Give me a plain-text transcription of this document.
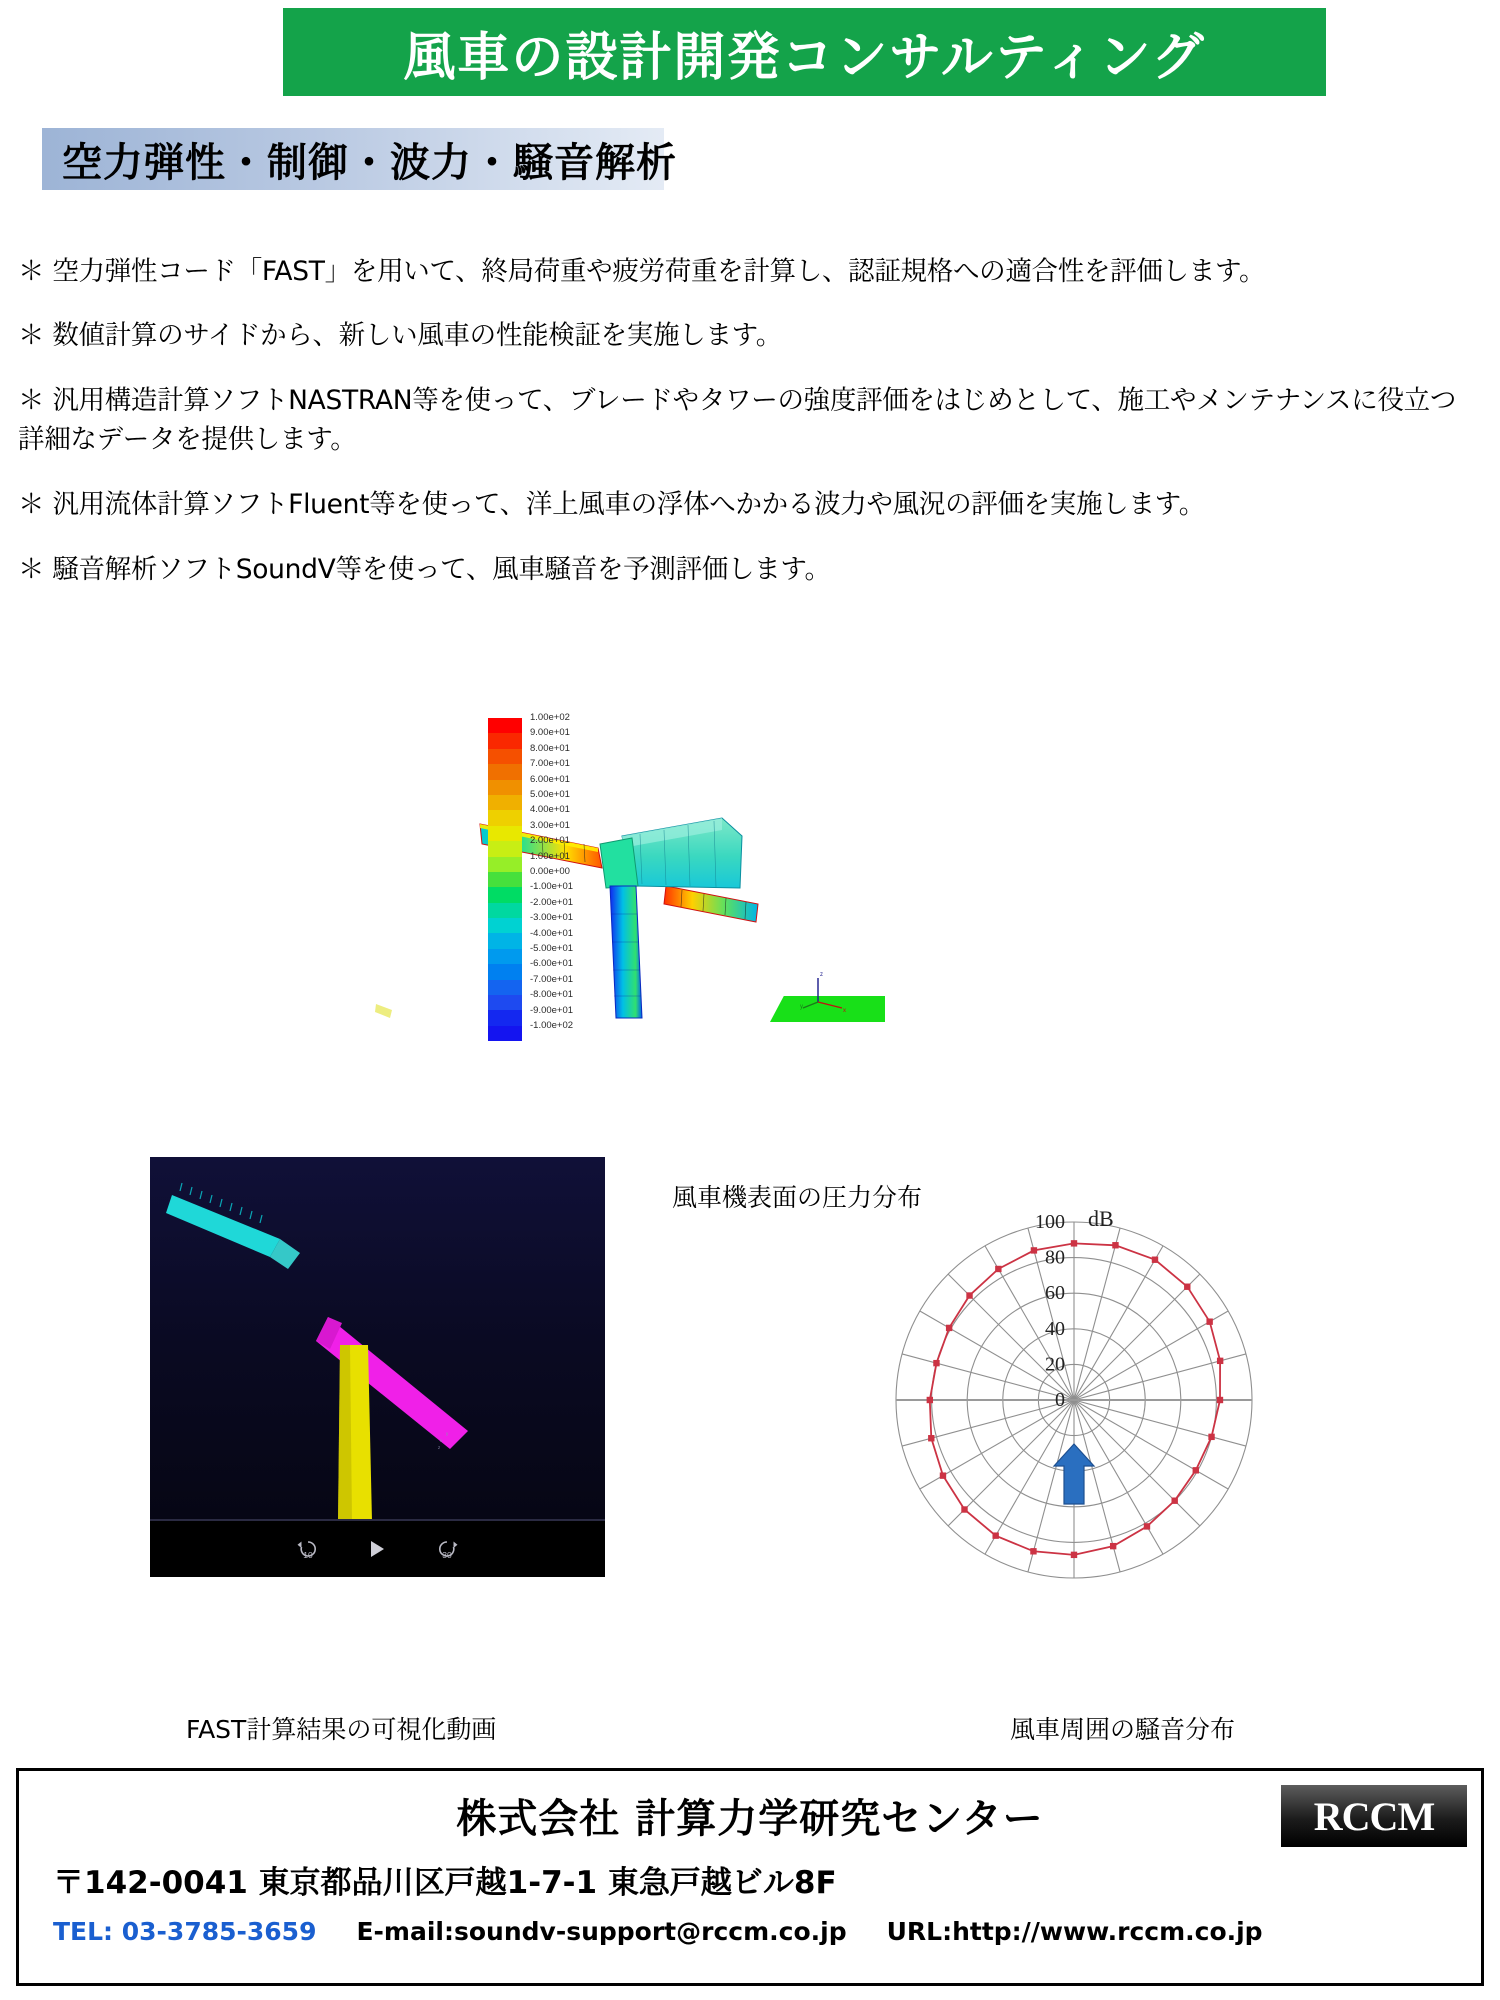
風車の設計開発コンサルティング
空力弾性・制御・波力・騒音解析

＊ 空力弾性コード「FAST」を用いて、終局荷重や疲労荷重を計算し、認証規格への適合性を評価します。

＊ 数値計算のサイドから、新しい風車の性能検証を実施します。

＊ 汎用構造計算ソフトNASTRAN等を使って、ブレードやタワーの強度評価をはじめとして、施工やメンテナンスに役立つ詳細なデータを提供します。

＊ 汎用流体計算ソフトFluent等を使って、洋上風車の浮体へかかる波力や風況の評価を実施します。

＊ 騒音解析ソフトSoundV等を使って、風車騒音を予測評価します。

1.00e+02
9.00e+01
8.00e+01
7.00e+01
6.00e+01
5.00e+01
4.00e+01
3.00e+01
2.00e+01
1.00e+01
0.00e+00
-1.00e+01
-2.00e+01
-3.00e+01
-4.00e+01
-5.00e+01
-6.00e+01
-7.00e+01
-8.00e+01
-9.00e+01
-1.00e+02
z
y
x
風車機表面の圧力分布
y
x
z
10	30
FAST計算結果の可視化動画
0
20
40
60
80
100 dB
風車周囲の騒音分布
株式会社 計算力学研究センター
〒142-0041 東京都品川区戸越1-7-1 東急戸越ビル8F
TEL: 03-3785-3659 E-mail:soundv-support@rccm.co.jp URL:http://www.rccm.co.jp
RCCM
